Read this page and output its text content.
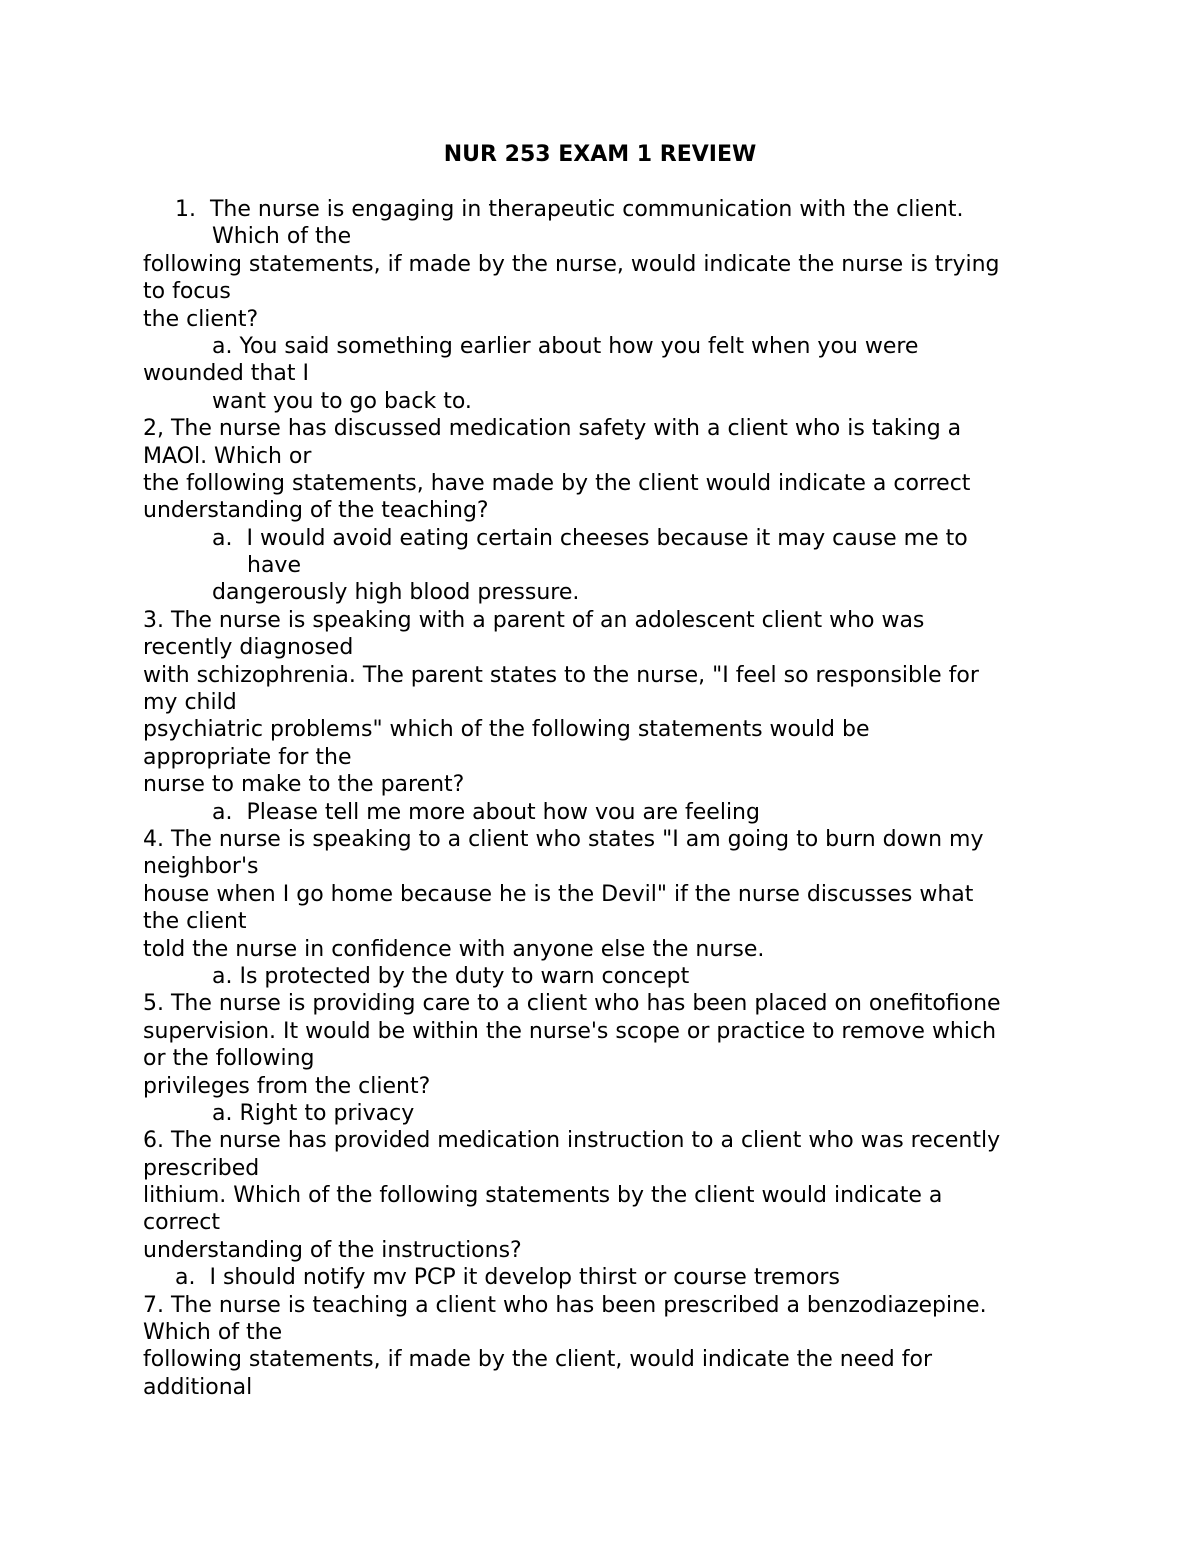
NUR 253 EXAM 1 REVIEW
1.  The nurse is engaging in therapeutic communication with the client.
Which of the
following statements, if made by the nurse, would indicate the nurse is trying
to focus
the client?
a. You said something earlier about how you felt when you were
wounded that I
want you to go back to.
2, The nurse has discussed medication safety with a client who is taking a
MAOl. Which or
the following statements, have made by the client would indicate a correct
understanding of the teaching?
a.  I would avoid eating certain cheeses because it may cause me to
have
dangerously high blood pressure.
3. The nurse is speaking with a parent of an adolescent client who was
recently diagnosed
with schizophrenia. The parent states to the nurse, "I feel so responsible for
my child
psychiatric problems" which of the following statements would be
appropriate for the
nurse to make to the parent?
a.  Please tell me more about how vou are feeling
4. The nurse is speaking to a client who states "I am going to burn down my
neighbor's
house when I go home because he is the Devil" if the nurse discusses what
the client
told the nurse in confidence with anyone else the nurse.
a. Is protected by the duty to warn concept
5. The nurse is providing care to a client who has been placed on onefitofione
supervision. It would be within the nurse's scope or practice to remove which
or the following
privileges from the client?
a. Right to privacy
6. The nurse has provided medication instruction to a client who was recently
prescribed
lithium. Which of the following statements by the client would indicate a
correct
understanding of the instructions?
a.  I should notify mv PCP it develop thirst or course tremors
7. The nurse is teaching a client who has been prescribed a benzodiazepine.
Which of the
following statements, if made by the client, would indicate the need for
additional
